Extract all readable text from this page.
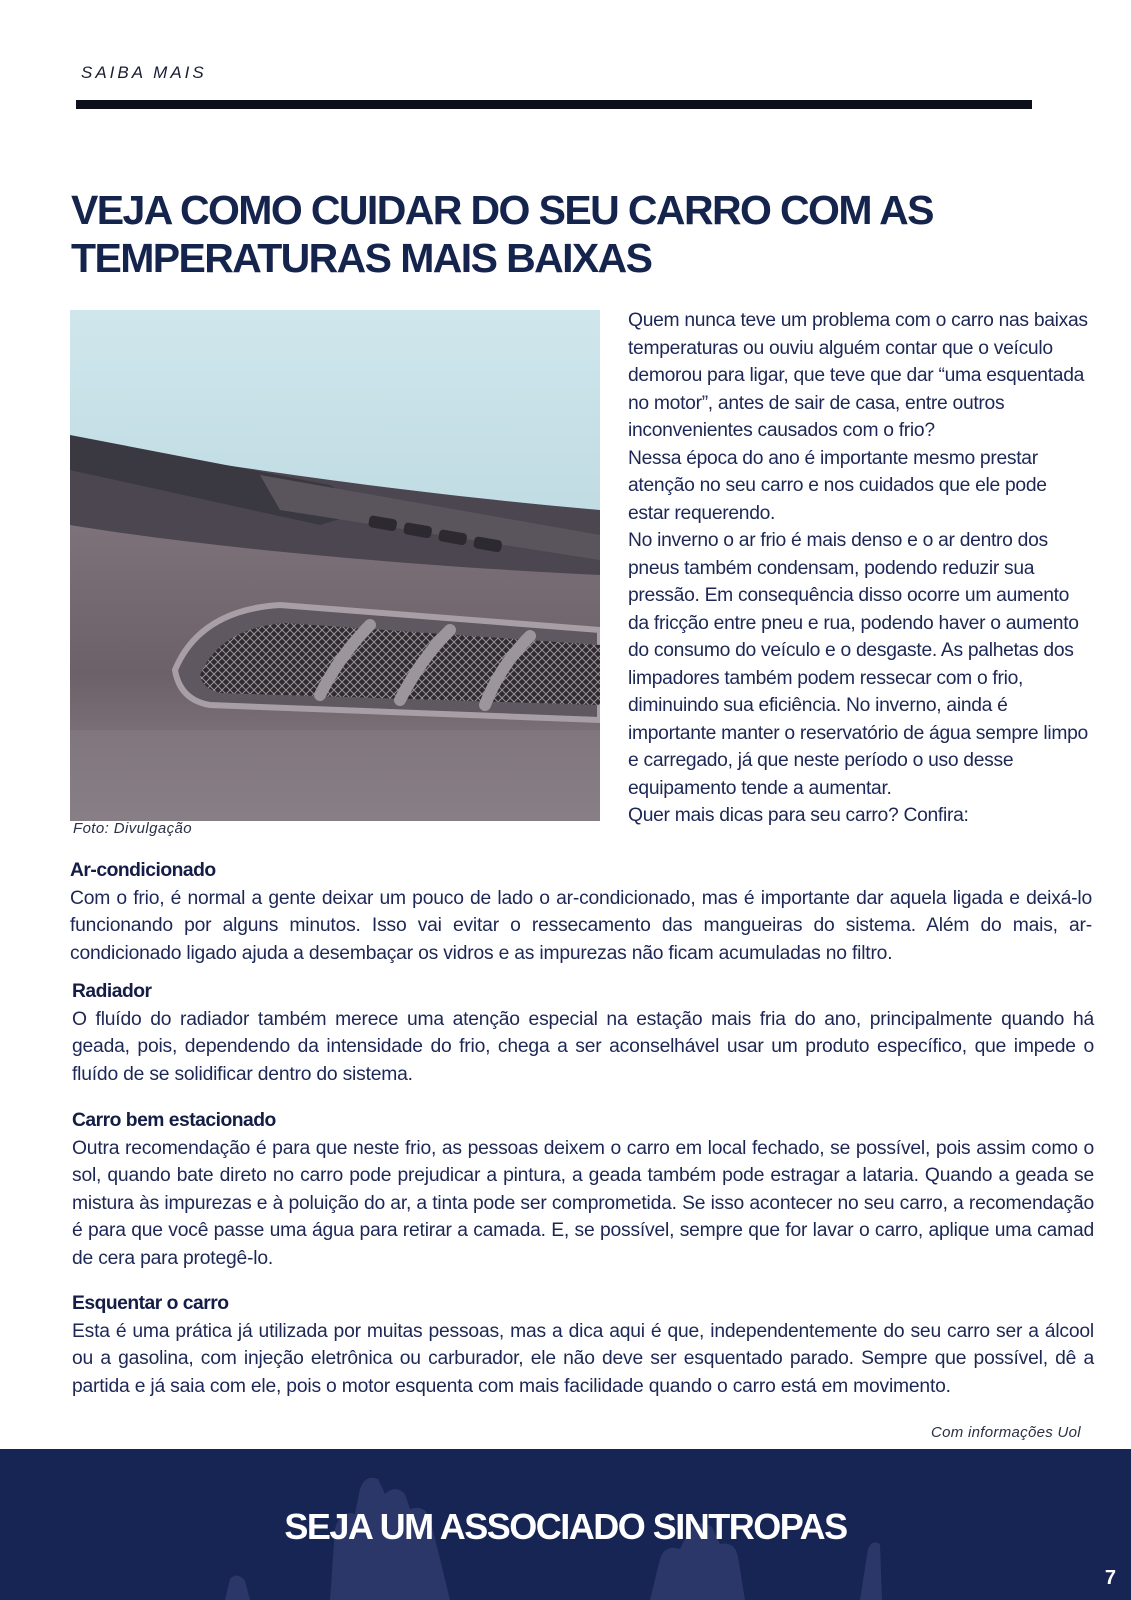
SAIBA MAIS
VEJA COMO CUIDAR DO SEU CARRO COM AS TEMPERATURAS MAIS BAIXAS
Foto: Divulgação

Quem nunca teve um problema com o carro nas baixas temperaturas ou ouviu alguém contar que o veículo demorou para ligar, que teve que dar “uma esquentada no motor”, antes de sair de casa, entre outros inconvenientes causados com o frio?

Nessa época do ano é importante mesmo prestar atenção no seu carro e nos cuidados que ele pode estar requerendo.

No inverno o ar frio é mais denso e o ar dentro dos pneus também condensam, podendo reduzir sua pressão. Em consequência disso ocorre um aumento da fricção entre pneu e rua, podendo haver o aumento do consumo do veículo e o desgaste. As palhetas dos limpadores também podem ressecar com o frio, diminuindo sua eficiência. No inverno, ainda é importante manter o reservatório de água sempre limpo e carregado, já que neste período o uso desse equipamento tende a aumentar.

Quer mais dicas para seu carro? Confira:

Ar-condicionado

Com o frio, é normal a gente deixar um pouco de lado o ar-condicionado, mas é importante dar aquela ligada e deixá-lo funcionando por alguns minutos. Isso vai evitar o ressecamento das mangueiras do sistema. Além do mais, ar-condicionado ligado ajuda a desembaçar os vidros e as impurezas não ficam acumuladas no filtro.

Radiador

O fluído do radiador também merece uma atenção especial na estação mais fria do ano, principalmente quando há geada, pois, dependendo da intensidade do frio, chega a ser aconselhável usar um produto específico, que impede o fluído de se solidificar dentro do sistema.

Carro bem estacionado

Outra recomendação é para que neste frio, as pessoas deixem o carro em local fechado, se possível, pois assim como o sol, quando bate direto no carro pode prejudicar a pintura, a geada também pode estragar a lataria. Quando a geada se mistura às impurezas e à poluição do ar, a tinta pode ser comprometida. Se isso acontecer no seu carro, a recomendação é para que você passe uma água para retirar a camada. E, se possível, sempre que for lavar o carro, aplique uma camad de cera para protegê-lo.

Esquentar o carro

Esta é uma prática já utilizada por muitas pessoas, mas a dica aqui é que, independentemente do seu carro ser a álcool ou a gasolina, com injeção eletrônica ou carburador, ele não deve ser esquentado parado. Sempre que possível, dê a partida e já saia com ele, pois o motor esquenta com mais facilidade quando o carro está em movimento.

Com informações Uol
SEJA UM ASSOCIADO SINTROPAS
7
